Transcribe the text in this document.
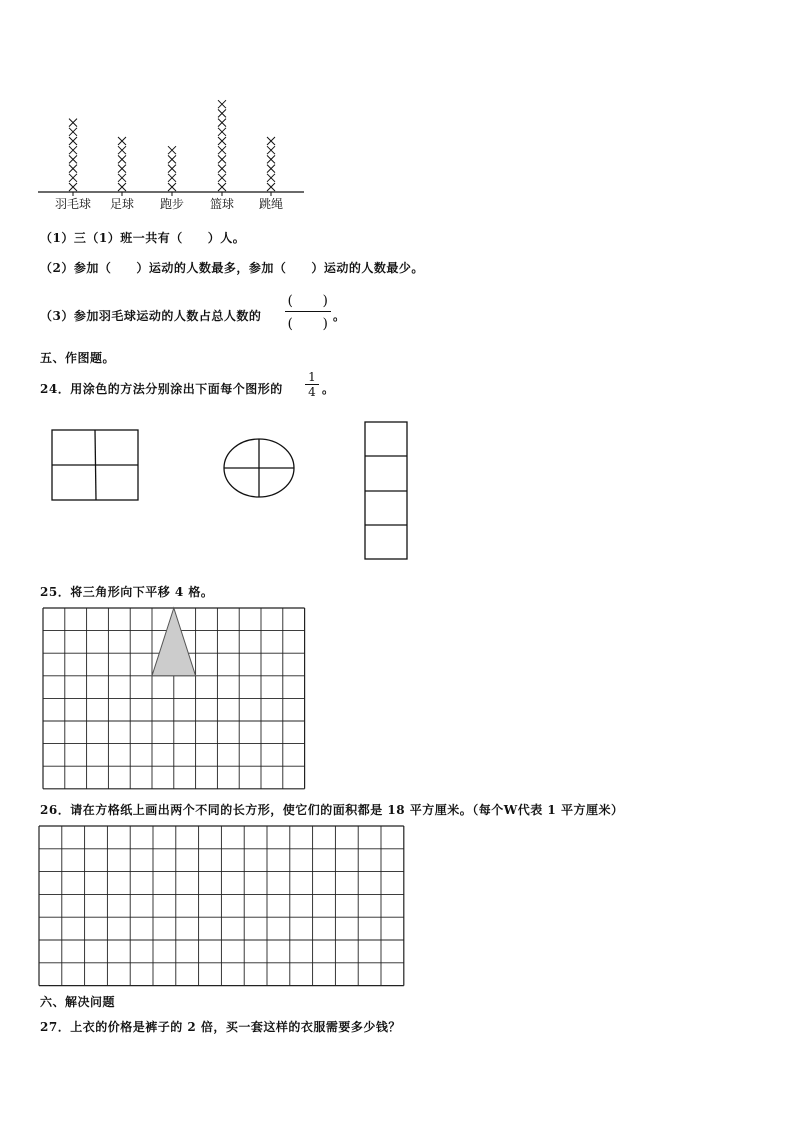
羽毛球	足球	跑步	篮球	跳绳
（1）三（1）班一共有（　　）人。
（2）参加（　　）运动的人数最多，参加（　　）运动的人数最少。
（3）参加羽毛球运动的人数占总人数的
(　　)
(　　) 。
五、作图题。
24．用涂色的方法分别涂出下面每个图形的
1
4 。
25．将三角形向下平移 4 格。
26．请在方格纸上画出两个不同的长方形，使它们的面积都是 18 平方厘米。（每个W代表 1 平方厘米）
六、解决问题
27．上衣的价格是裤子的 2 倍，买一套这样的衣服需要多少钱？
